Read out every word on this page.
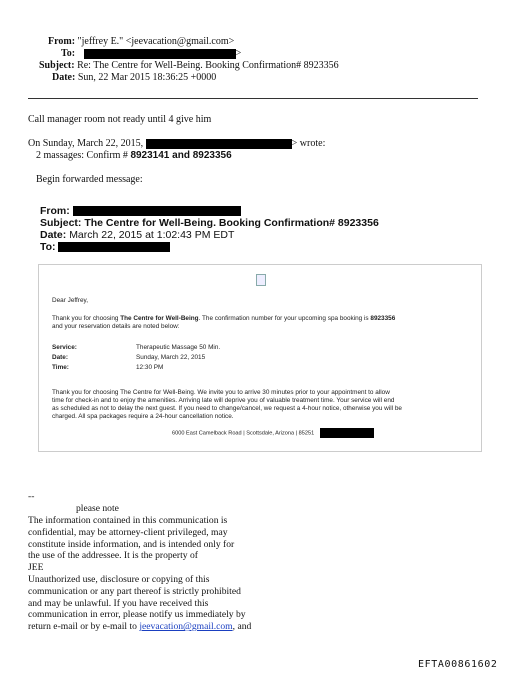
From: "jeffrey E." <jeevacation@gmail.com>
To:	>
Subject: Re: The Centre for Well-Being. Booking Confirmation# 8923356
Date: Sun, 22 Mar 2015 18:36:25 +0000
Call manager room not ready until 4 give him
On Sunday, March 22, 2015,	> wrote:
2 massages: Confirm # 8923141 and 8923356
Begin forwarded message:
From:
Subject: The Centre for Well-Being. Booking Confirmation# 8923356
Date: March 22, 2015 at 1:02:43 PM EDT
To:
Dear Jeffrey,
Thank you for choosing The Centre for Well-Being. The confirmation number for your upcoming spa booking is 8923356
and your reservation details are noted below:
Service:	Therapeutic Massage 50 Min.
Date:	Sunday, March 22, 2015
Time:	12:30 PM
Thank you for choosing The Centre for Well-Being. We invite you to arrive 30 minutes prior to your appointment to allow
time for check-in and to enjoy the amenities. Arriving late will deprive you of valuable treatment time. Your service will end
as scheduled as not to delay the next guest. If you need to change/cancel, we request a 4-hour notice, otherwise you will be
charged. All spa packages require a 24-hour cancellation notice.
6000 East Camelback Road | Scottsdale, Arizona | 85251
--
please note
The information contained in this communication is
confidential, may be attorney-client privileged, may
constitute inside information, and is intended only for
the use of the addressee. It is the property of
JEE
Unauthorized use, disclosure or copying of this
communication or any part thereof is strictly prohibited
and may be unlawful. If you have received this
communication in error, please notify us immediately by
return e-mail or by e-mail to jeevacation@gmail.com, and
EFTA00861602
